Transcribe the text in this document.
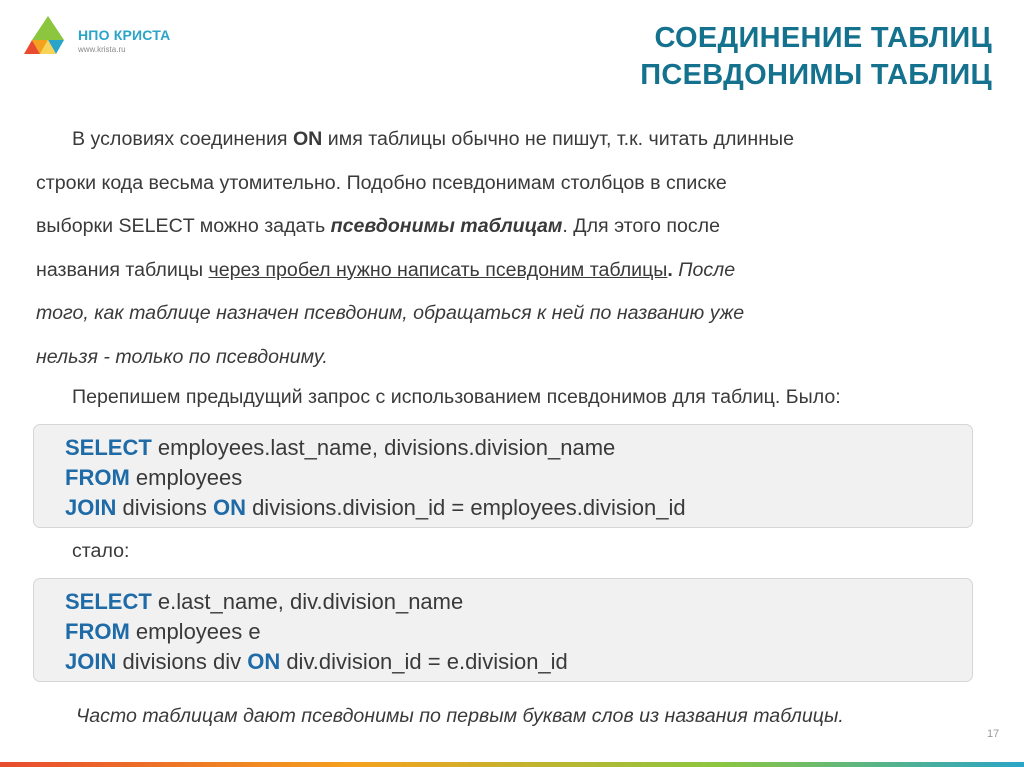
НПО КРИСТА
www.krista.ru	СОЕДИНЕНИЕ ТАБЛИЦ
ПСЕВДОНИМЫ ТАБЛИЦ
В условиях соединения ON имя таблицы обычно не пишут, т.к. читать длинные
строки кода весьма утомительно. Подобно псевдонимам столбцов в списке
выборки SELECT можно задать псевдонимы таблицам. Для этого после
названия таблицы через пробел нужно написать псевдоним таблицы. После
того, как таблице назначен псевдоним, обращаться к ней по названию уже
нельзя - только по псевдониму.
Перепишем предыдущий запрос с использованием псевдонимов для таблиц. Было:
SELECT employees.last_name, divisions.division_name
FROM employees
JOIN divisions ON divisions.division_id = employees.division_id
стало:
SELECT e.last_name, div.division_name
FROM employees e
JOIN divisions div ON div.division_id = e.division_id
Часто таблицам дают псевдонимы по первым буквам слов из названия таблицы.
17
